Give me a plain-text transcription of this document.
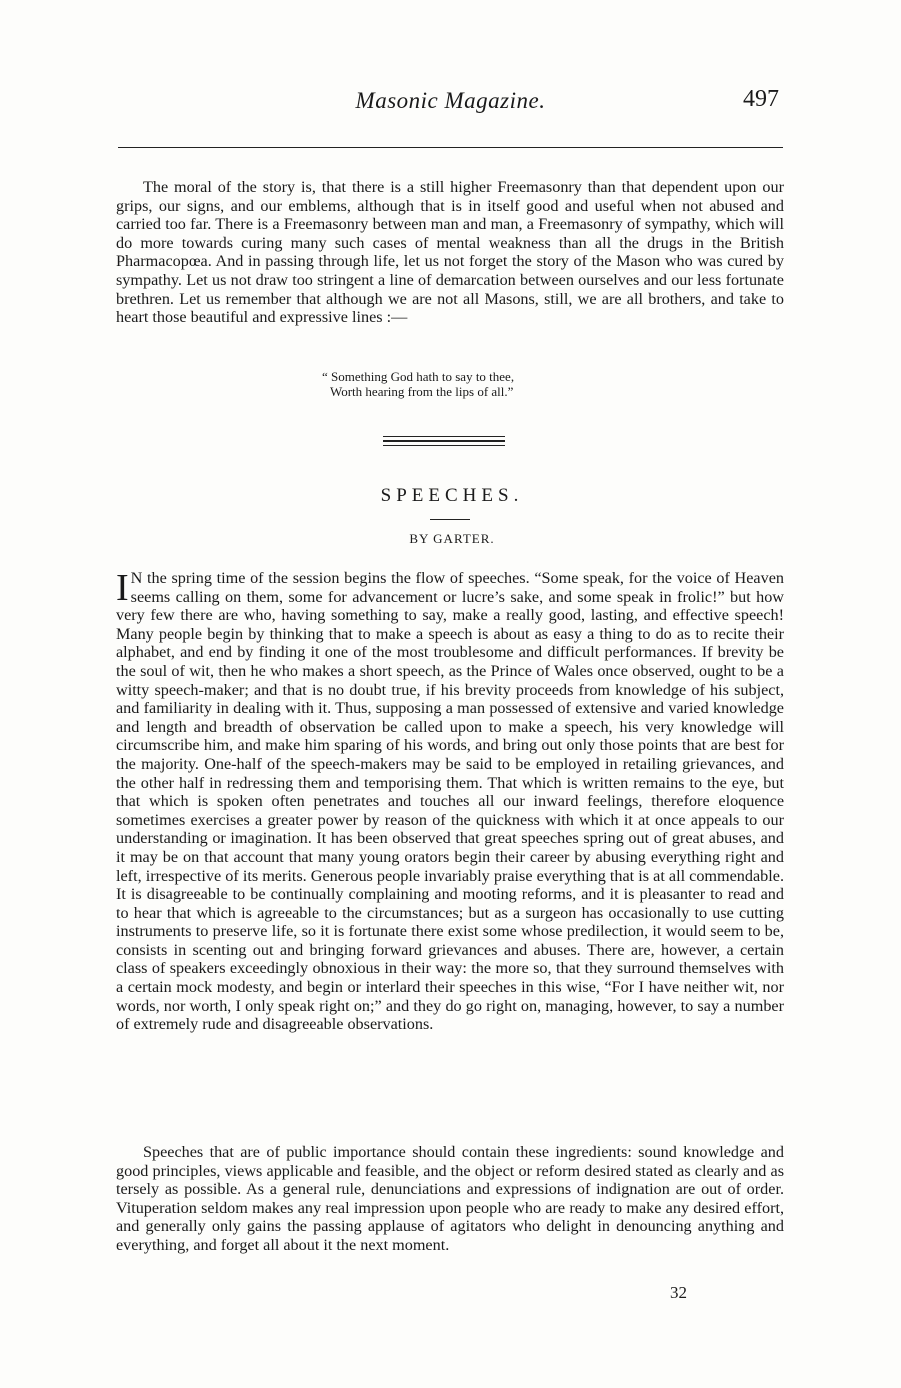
Masonic Magazine.	497

The moral of the story is, that there is a still higher Freemasonry than that dependent upon our grips, our signs, and our emblems, although that is in itself good and useful when not abused and carried too far. There is a Freemasonry between man and man, a Freemasonry of sympathy, which will do more towards curing many such cases of mental weakness than all the drugs in the British Pharmacopœa. And in passing through life, let us not forget the story of the Mason who was cured by sympathy. Let us not draw too stringent a line of demarcation between ourselves and our less fortunate brethren. Let us remember that although we are not all Masons, still, we are all brothers, and take to heart those beautiful and expressive lines :—

“ Something God hath to say to thee,
Worth hearing from the lips of all.”
SPEECHES.
BY GARTER.

I N the spring time of the session begins the flow of speeches. “Some speak, for the voice of Heaven seems calling on them, some for advancement or lucre’s sake, and some speak in frolic!” but how very few there are who, having something to say, make a really good, lasting, and effective speech! Many people begin by thinking that to make a speech is about as easy a thing to do as to recite their alphabet, and end by finding it one of the most troublesome and difficult performances. If brevity be the soul of wit, then he who makes a short speech, as the Prince of Wales once observed, ought to be a witty speech-maker; and that is no doubt true, if his brevity proceeds from knowledge of his subject, and familiarity in dealing with it. Thus, supposing a man possessed of extensive and varied knowledge and length and breadth of observation be called upon to make a speech, his very knowledge will circumscribe him, and make him sparing of his words, and bring out only those points that are best for the majority. One-half of the speech-makers may be said to be employed in retailing grievances, and the other half in redressing them and temporising them. That which is written remains to the eye, but that which is spoken often penetrates and touches all our inward feelings, therefore eloquence sometimes exercises a greater power by reason of the quickness with which it at once appeals to our understanding or imagination. It has been observed that great speeches spring out of great abuses, and it may be on that account that many young orators begin their career by abusing everything right and left, irrespective of its merits. Generous people invariably praise everything that is at all commendable. It is disagreeable to be continually complaining and mooting reforms, and it is pleasanter to read and to hear that which is agreeable to the circumstances; but as a surgeon has occasionally to use cutting instruments to preserve life, so it is fortunate there exist some whose predilection, it would seem to be, consists in scenting out and bringing forward grievances and abuses. There are, however, a certain class of speakers exceedingly obnoxious in their way: the more so, that they surround themselves with a certain mock modesty, and begin or interlard their speeches in this wise, “For I have neither wit, nor words, nor worth, I only speak right on;” and they do go right on, managing, however, to say a number of extremely rude and disagreeable observations.

Speeches that are of public importance should contain these ingredients: sound knowledge and good principles, views applicable and feasible, and the object or reform desired stated as clearly and as tersely as possible. As a general rule, denunciations and expressions of indignation are out of order. Vituperation seldom makes any real impression upon people who are ready to make any desired effort, and generally only gains the passing applause of agitators who delight in denouncing anything and everything, and forget all about it the next moment.

32
